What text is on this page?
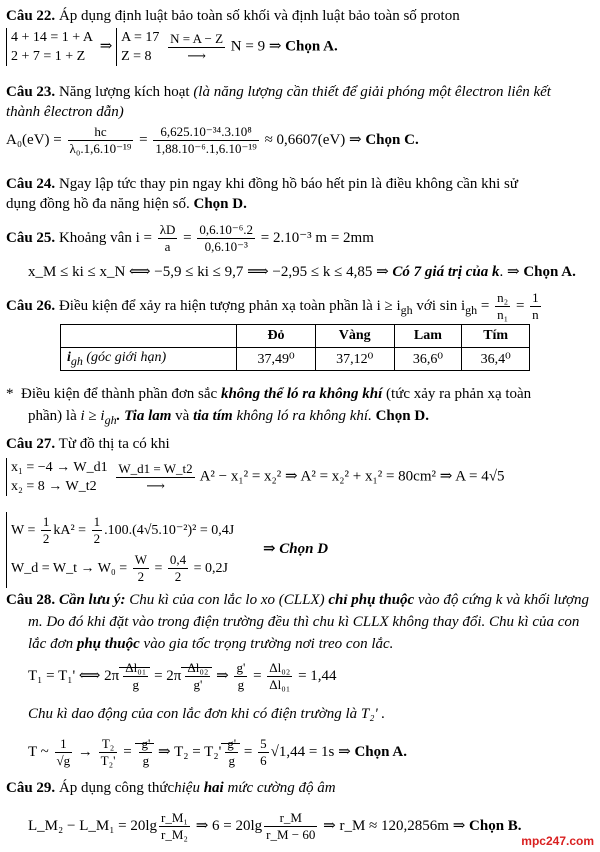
Câu 22. Áp dụng định luật bảo toàn số khối và định luật bảo toàn số proton
4 + 14 = 1 + A
2 + 7 = 1 + Z
⇒
A = 17
Z = 8
	$\frac{N = A - Z}{⟶}$ N = 9 ⇒ Chọn A.
Câu 23. Năng lượng kích hoạt (là năng lượng cần thiết để giải phóng một êlectron liên kết
thành êlectron dẫn)
$A_0(eV) = \frac{hc}{\text{λ₀.1,6.10⁻¹⁹}} = \frac{\text{6,625.10⁻³⁴.3.10⁸}}{\text{1,88.10⁻⁶.1,6.10⁻¹⁹}} \approx 0,6607(eV)$ ⇒ Chọn C.
Câu 24. Ngay lập tức thay pin ngay khi đồng hồ báo hết pin là điều không cần khi sử
dụng đồng hồ đa năng hiện số. Chọn D.
Câu 25. Khoảng vân $i = \frac{\lambda D}{a} = \frac{\text{0,6.10⁻⁶.2}}{\text{0,6.10⁻³}} = 2.10^{-3}$ m = 2mm
x_M ≤ ki ≤ x_N ⟺ −5,9 ≤ ki ≤ 9,7 ⟹ −2,95 ≤ k ≤ 4,85 ⇒ Có 7 giá trị của k. ⇒ Chọn A.
Câu 26. Điều kiện để xảy ra hiện tượng phản xạ toàn phần là $i \ge i_{gh}$ với $\sin i_{gh} = \frac{\text{n₂}}{\text{n₁}} = \frac{1}{n}$
*  Điều kiện để thành phần đơn sắc không thể ló ra không khí (tức xảy ra phản xạ toàn
phần) là $i \ge i_{gh}$. Tia lam và tia tím không ló ra không khí. Chọn D.
Câu 27. Từ đồ thị ta có khi
x₁ = −4 → W_d1
x₂ = 8 → W_t2
	$\frac{W\_d1 = W\_t2}{⟶} A^2 - x_1^2 = x_2^2$ ⇒ A² = x₂² + x₁² = 80cm² ⇒ A = 4√5
$W = \frac{1}{2} kA^2 = \frac{1}{2} .100.(4√5.10^{-2})^2 = 0,4J$
W_d = W_t → $W_0 = \frac{W}{2} = \frac{0,4}{2} = 0,2J$
⇒ Chọn D
Câu 28. Cần lưu ý: Chu kì của con lắc lo xo (CLLX) chỉ phụ thuộc vào độ cứng k và khối lượng
m. Do đó khi đặt vào trong điện trường đều thì chu kì CLLX không thay đổi. Chu kì của con
lắc đơn phụ thuộc vào gia tốc trọng trường nơi treo con lắc.
T₁ = T₁' ⟺ $2\pi \frac{\text{Δl₀₁}}{g} = 2\pi \frac{\text{Δl₀₂}}{g'}$ ⇒ $\frac{g'}{g} = \frac{\text{Δl₀₂}}{\text{Δl₀₁}} = 1,44$
Chu kì dao động của con lắc đơn khi có điện trường là T₂' .
T ~ $\frac{1}{√g} \to \frac{\text{T₂}}{\text{T₂'}} = \frac{g'}{g}$ ⇒ $T_2 = T_2' \frac{g'}{g} = \frac{5}{6} √1,44 = 1s$ ⇒ Chọn A.
Câu 29. Áp dụng công thứchiệu hai mức cường độ âm
L_M₂ − L_M₁ = $20\lg \frac{\text{r\_M₁}}{\text{r\_M₂}}$ ⇒ $6 = 20\lg \frac{r\_M}{r\_M - 60}$ ⇒ r_M ≈ 120,2856m ⇒ Chọn B.
	Đỏ	Vàng	Lam	Tím
$i_{gh}$ (góc giới hạn)	37,49⁰	37,12⁰	36,6⁰	36,4⁰
mpc247.com
